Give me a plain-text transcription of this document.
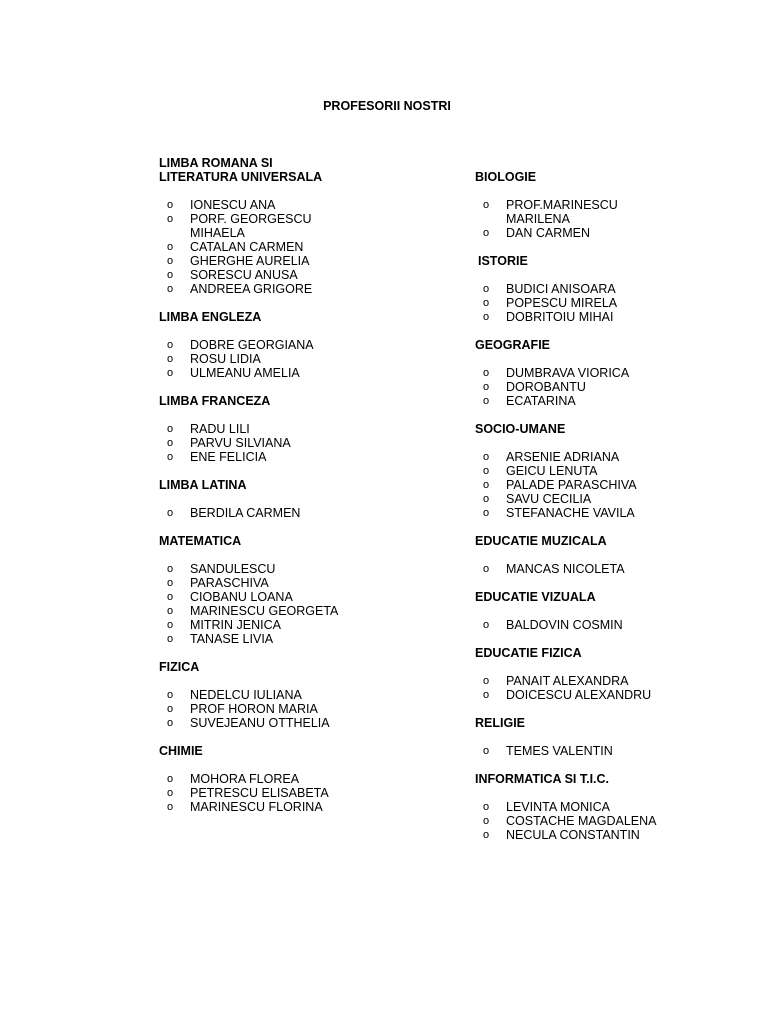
PROFESORII NOSTRI

LIMBA ROMANA SI

LITERATURA UNIVERSALA

o IONESCU ANA
o PORF. GEORGESCU MIHAELA
o CATALAN CARMEN
o GHERGHE AURELIA
o SORESCU ANUSA
o ANDREEA GRIGORE

LIMBA ENGLEZA

o DOBRE GEORGIANA
o ROSU LIDIA
o ULMEANU AMELIA

LIMBA FRANCEZA

o RADU LILI
o PARVU SILVIANA
o ENE FELICIA

LIMBA LATINA

o BERDILA CARMEN

MATEMATICA

o SANDULESCU
o PARASCHIVA
o CIOBANU LOANA
o MARINESCU GEORGETA
o MITRIN JENICA
o TANASE LIVIA

FIZICA

o NEDELCU IULIANA
o PROF HORON MARIA
o SUVEJEANU OTTHELIA

CHIMIE

o MOHORA FLOREA
o PETRESCU ELISABETA
o MARINESCU FLORINA

BIOLOGIE

o PROF.MARINESCU MARILENA
o DAN CARMEN

ISTORIE

o BUDICI ANISOARA
o POPESCU MIRELA
o DOBRITOIU MIHAI

GEOGRAFIE

o DUMBRAVA VIORICA
o DOROBANTU
o ECATARINA

SOCIO-UMANE

o ARSENIE ADRIANA
o GEICU LENUTA
o PALADE PARASCHIVA
o SAVU CECILIA
o STEFANACHE VAVILA

EDUCATIE MUZICALA

o MANCAS NICOLETA

EDUCATIE VIZUALA

o BALDOVIN COSMIN

EDUCATIE FIZICA

o PANAIT ALEXANDRA
o DOICESCU ALEXANDRU

RELIGIE

o TEMES VALENTIN

INFORMATICA SI T.I.C.

o LEVINTA MONICA
o COSTACHE MAGDALENA
o NECULA CONSTANTIN
